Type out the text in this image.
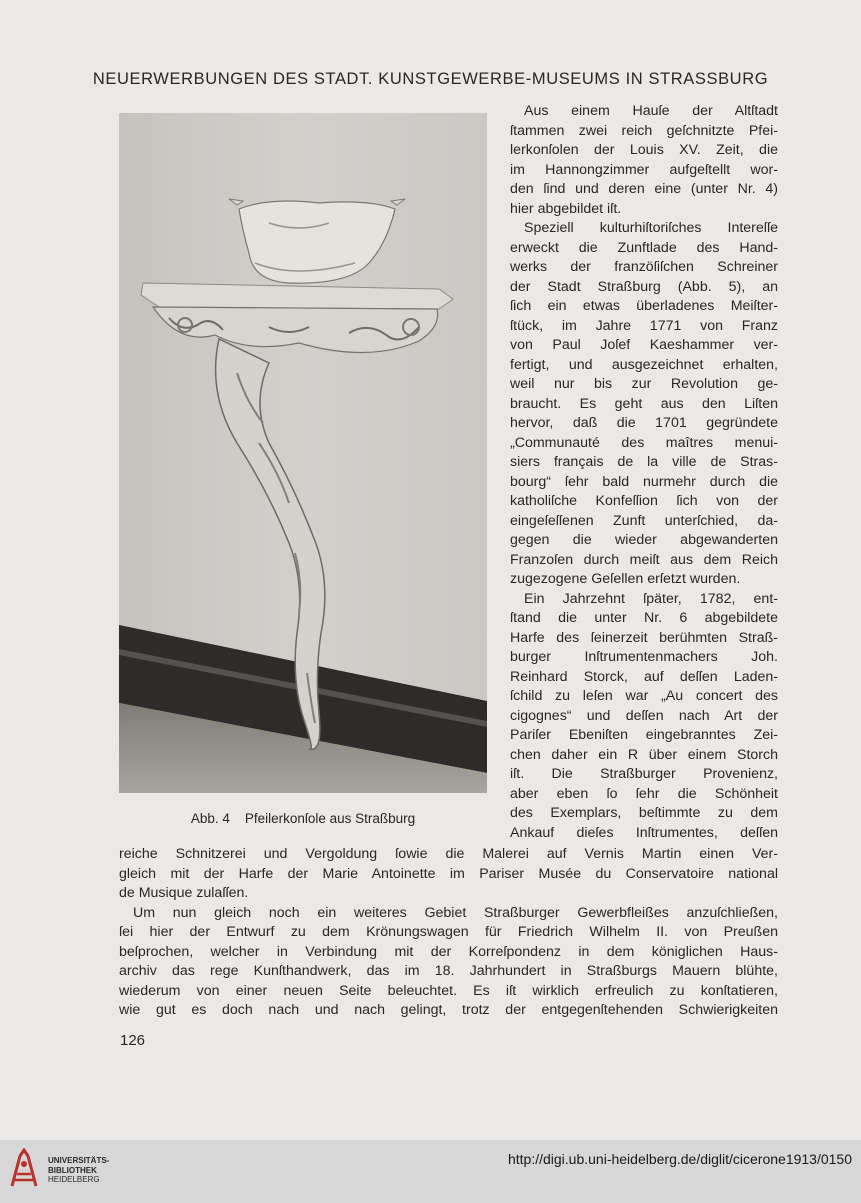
NEUERWERBUNGEN DES STADT. KUNSTGEWERBE-MUSEUMS IN STRASSBURG
Abb. 4    Pfeilerkonſole aus Straßburg
Aus einem Hauſe der Altſtadt
ſtammen zwei reich geſchnitzte Pfei-
lerkonſolen der Louis XV. Zeit, die
im Hannongzimmer aufgeſtellt wor-
den ſind und deren eine (unter Nr. 4)
hier abgebildet iſt.
Speziell kulturhiſtoriſches Intereſſe
erweckt die Zunftlade des Hand-
werks der franzöſiſchen Schreiner
der Stadt Straßburg (Abb. 5), an
ſich ein etwas überladenes Meiſter-
ſtück, im Jahre 1771 von Franz
von Paul Joſef Kaeshammer ver-
fertigt, und ausgezeichnet erhalten,
weil nur bis zur Revolution ge-
braucht. Es geht aus den Liſten
hervor, daß die 1701 gegründete
„Communauté des maîtres menui-
siers français de la ville de Stras-
bourg“ ſehr bald nurmehr durch die
katholiſche Konfeſſion ſich von der
eingeſeſſenen Zunft unterſchied, da-
gegen die wieder abgewanderten
Franzoſen durch meiſt aus dem Reich
zugezogene Geſellen erſetzt wurden.
Ein Jahrzehnt ſpäter, 1782, ent-
ſtand die unter Nr. 6 abgebildete
Harfe des ſeinerzeit berühmten Straß-
burger Inſtrumentenmachers Joh.
Reinhard Storck, auf deſſen Laden-
ſchild zu leſen war „Au concert des
cigognes“ und deſſen nach Art der
Pariſer Ebeniſten eingebranntes Zei-
chen daher ein R über einem Storch
iſt. Die Straßburger Provenienz,
aber eben ſo ſehr die Schönheit
des Exemplars, beſtimmte zu dem
Ankauf dieſes Inſtrumentes, deſſen
reiche Schnitzerei und Vergoldung ſowie die Malerei auf Vernis Martin einen Ver-
gleich mit der Harfe der Marie Antoinette im Pariser Musée du Conservatoire national
de Musique zulaſſen.
Um nun gleich noch ein weiteres Gebiet Straßburger Gewerbfleißes anzuſchließen,
ſei hier der Entwurf zu dem Krönungswagen für Friedrich Wilhelm II. von Preußen
beſprochen, welcher in Verbindung mit der Korreſpondenz in dem königlichen Haus-
archiv das rege Kunſthandwerk, das im 18. Jahrhundert in Straßburgs Mauern blühte,
wiederum von einer neuen Seite beleuchtet. Es iſt wirklich erfreulich zu konſtatieren,
wie gut es doch nach und nach gelingt, trotz der entgegenſtehenden Schwierigkeiten
126
UNIVERSITÄTS-
BIBLIOTHEK
HEIDELBERG
http://digi.ub.uni-heidelberg.de/diglit/cicerone1913/0150
